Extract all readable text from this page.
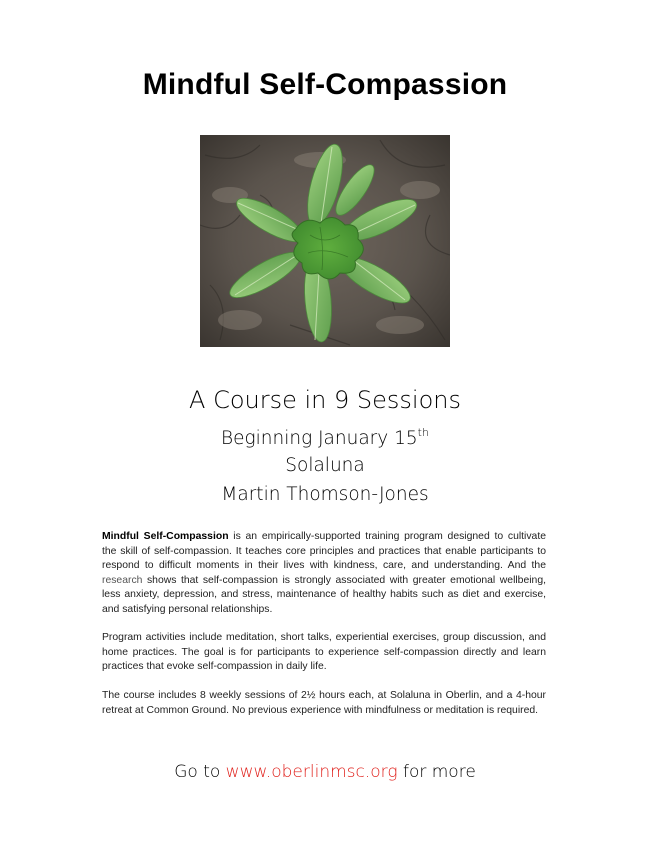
Mindful Self-Compassion
A Course in 9 Sessions
Beginning January 15th
Solaluna
Martin Thomson-Jones
Mindful Self-Compassion is an empirically-supported training program designed to cultivate the skill of self-compassion. It teaches core principles and practices that enable participants to respond to difficult moments in their lives with kindness, care, and understanding. And the research shows that self-compassion is strongly associated with greater emotional wellbeing, less anxiety, depression, and stress, maintenance of healthy habits such as diet and exercise, and satisfying personal relationships.
Program activities include meditation, short talks, experiential exercises, group discussion, and home practices. The goal is for participants to experience self-compassion directly and learn practices that evoke self-compassion in daily life.
The course includes 8 weekly sessions of 2½ hours each, at Solaluna in Oberlin, and a 4-hour retreat at Common Ground. No previous experience with mindfulness or meditation is required.
Go to www.oberlinmsc.org for more
